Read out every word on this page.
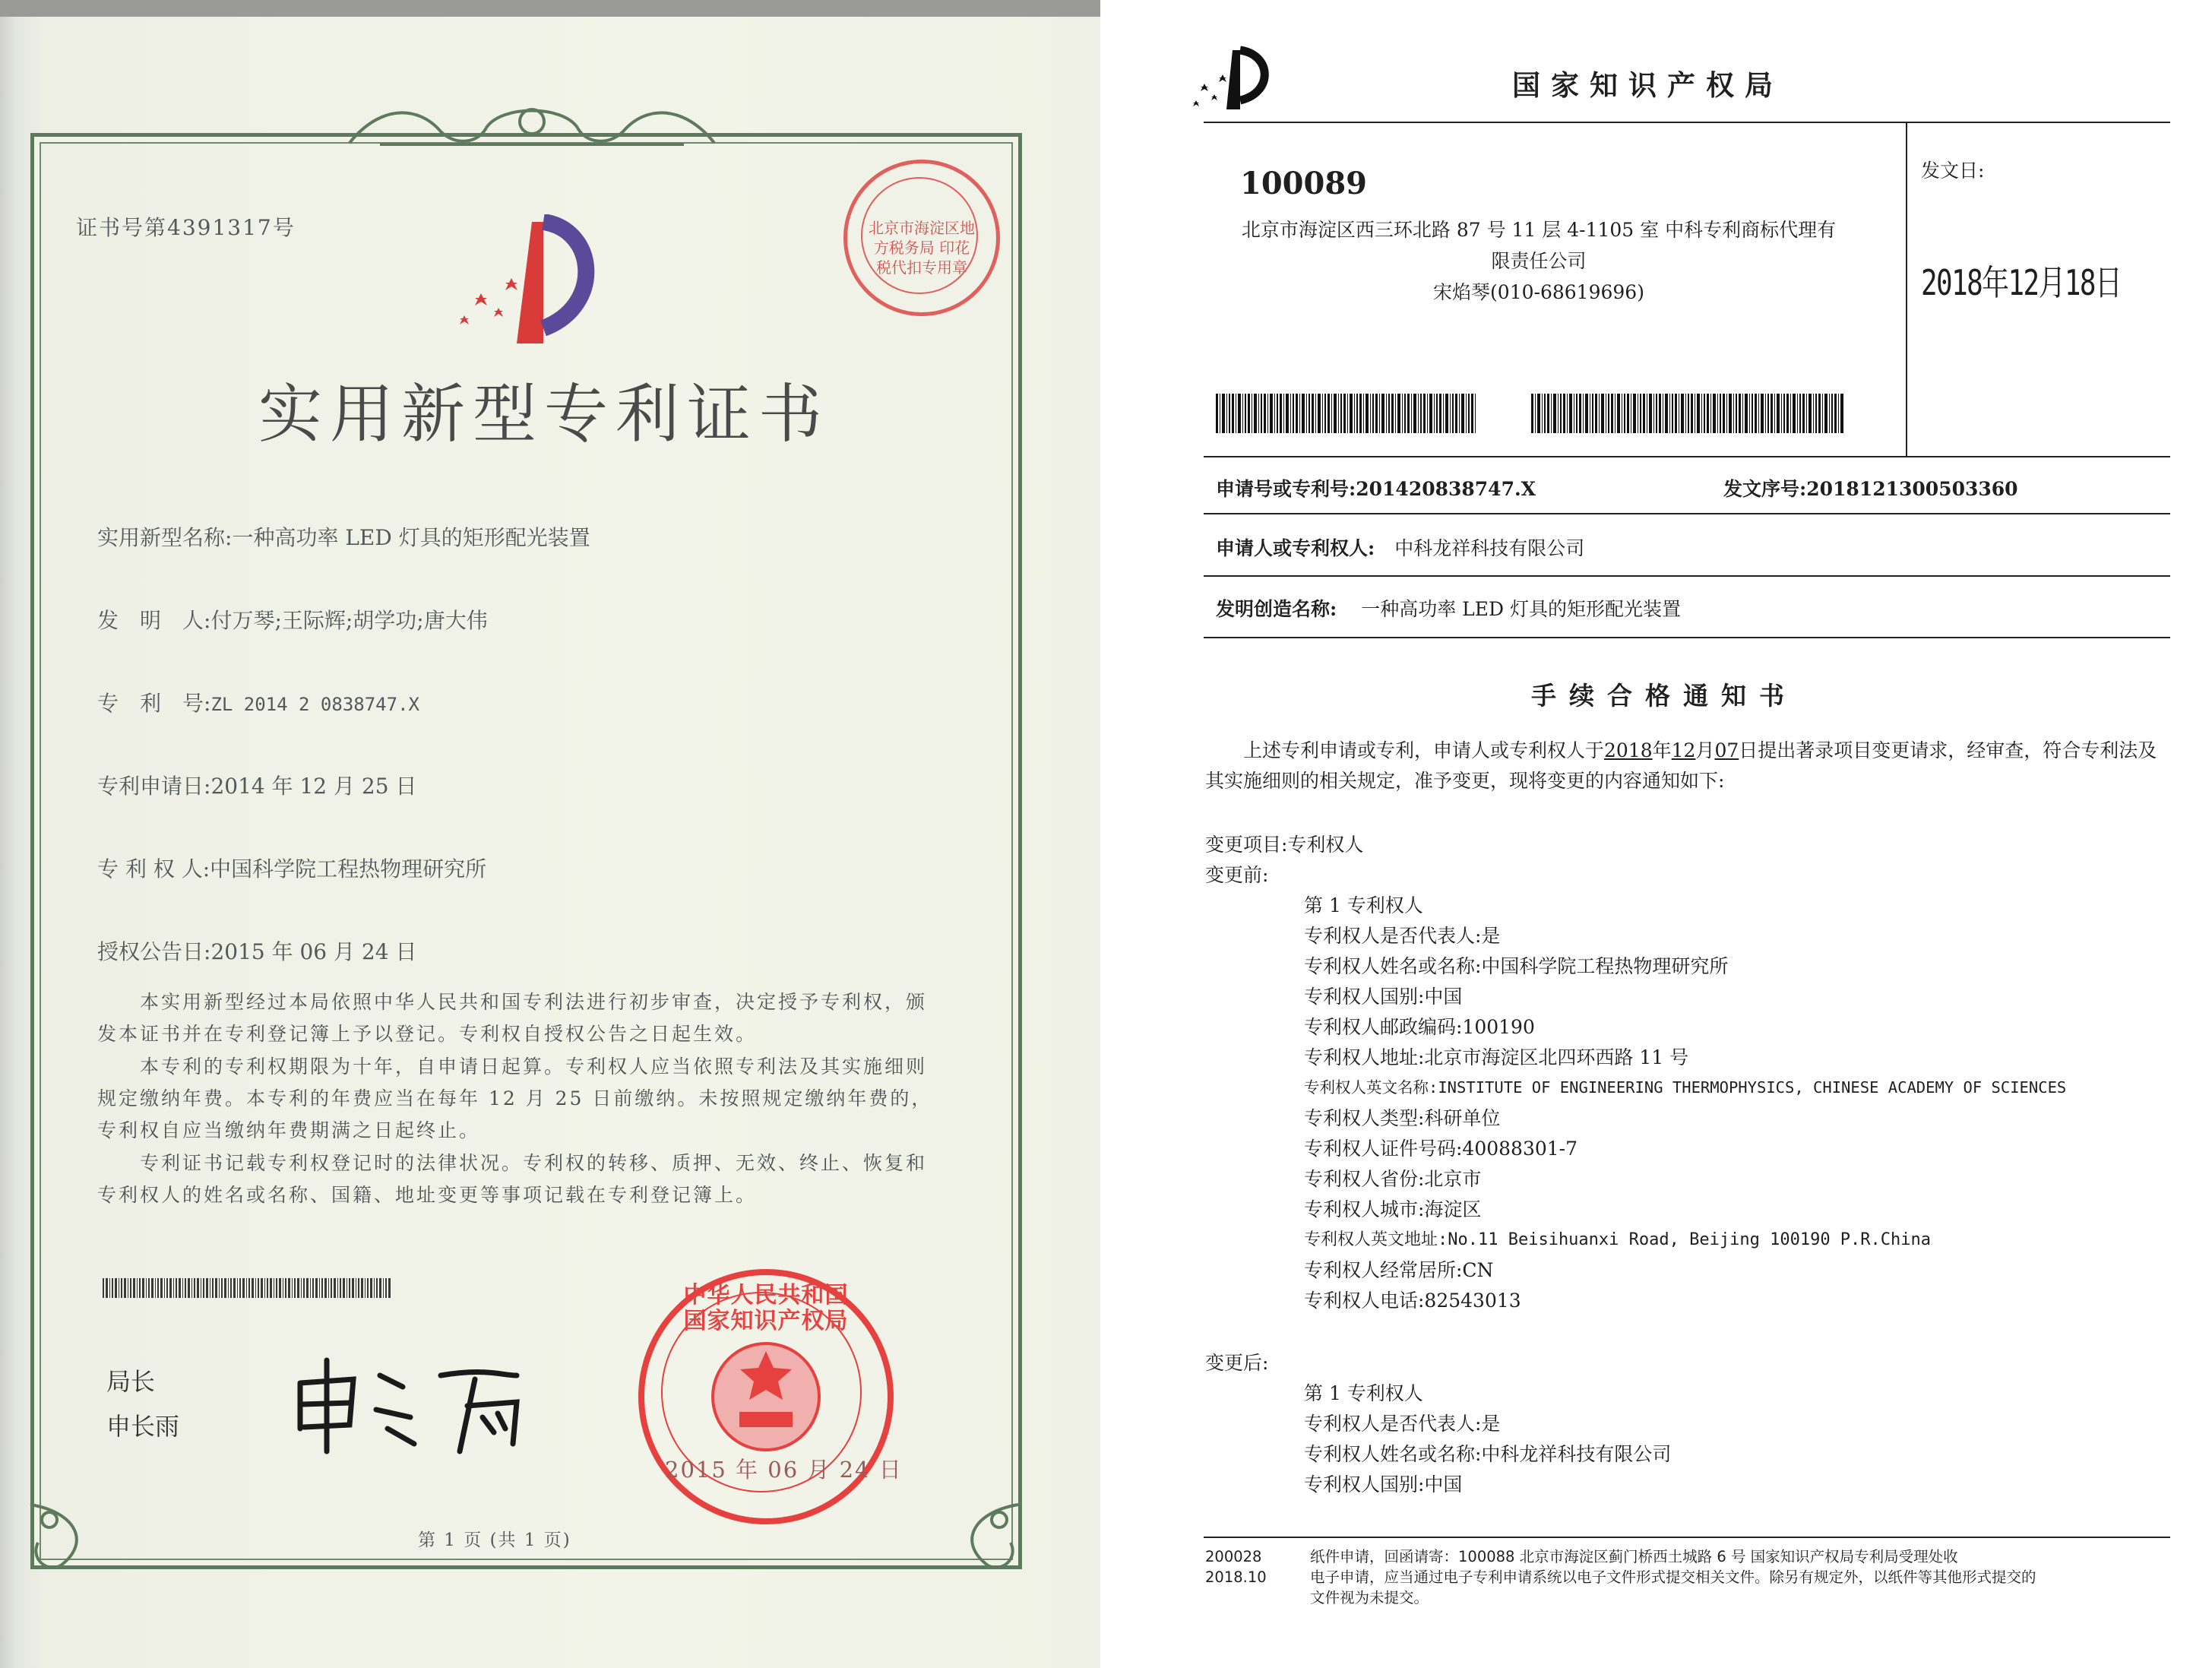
证书号第4391317号	北京市海淀区地方税务局 印花税代扣专用章
实用新型专利证书
实用新型名称:一种高功率 LED 灯具的矩形配光装置
发　明　人:付万琴;王际辉;胡学功;唐大伟
专　利　号:ZL 2014 2 0838747.X
专利申请日:2014 年 12 月 25 日
专 利 权 人:中国科学院工程热物理研究所
授权公告日:2015 年 06 月 24 日
　　本实用新型经过本局依照中华人民共和国专利法进行初步审查，决定授予专利权，颁发本证书并在专利登记簿上予以登记。专利权自授权公告之日起生效。
　　本专利的专利权期限为十年，自申请日起算。专利权人应当依照专利法及其实施细则规定缴纳年费。本专利的年费应当在每年 12 月 25 日前缴纳。未按照规定缴纳年费的，专利权自应当缴纳年费期满之日起终止。
　　专利证书记载专利权登记时的法律状况。专利权的转移、质押、无效、终止、恢复和专利权人的姓名或名称、国籍、地址变更等事项记载在专利登记簿上。
局长
申长雨
中华人民共和国国家知识产权局
2015 年 06 月 24 日
第 1 页 (共 1 页)
国家知识产权局
100089
北京市海淀区西三环北路 87 号 11 层 4-1105 室 中科专利商标代理有
限责任公司
宋焰琴(010-68619696)
发文日:
2018年12月18日
申请号或专利号:201420838747.X	发文序号:2018121300503360
申请人或专利权人: 中科龙祥科技有限公司
发明创造名称: 一种高功率 LED 灯具的矩形配光装置
手续合格通知书
　　上述专利申请或专利，申请人或专利权人于2018年12月07日提出著录项目变更请求，经审查，符合专利法及其实施细则的相关规定，准予变更，现将变更的内容通知如下:
变更项目:专利权人
变更前:
第 1 专利权人
专利权人是否代表人:是
专利权人姓名或名称:中国科学院工程热物理研究所
专利权人国别:中国
专利权人邮政编码:100190
专利权人地址:北京市海淀区北四环西路 11 号
专利权人英文名称:INSTITUTE OF ENGINEERING THERMOPHYSICS, CHINESE ACADEMY OF SCIENCES
专利权人类型:科研单位
专利权人证件号码:40088301-7
专利权人省份:北京市
专利权人城市:海淀区
专利权人英文地址:No.11 Beisihuanxi Road, Beijing 100190 P.R.China
专利权人经常居所:CN
专利权人电话:82543013
变更后:
第 1 专利权人
专利权人是否代表人:是
专利权人姓名或名称:中科龙祥科技有限公司
专利权人国别:中国
200028
2018.10
纸件申请，回函请寄：100088 北京市海淀区蓟门桥西土城路 6 号 国家知识产权局专利局受理处收
电子申请，应当通过电子专利申请系统以电子文件形式提交相关文件。除另有规定外，以纸件等其他形式提交的
文件视为未提交。
